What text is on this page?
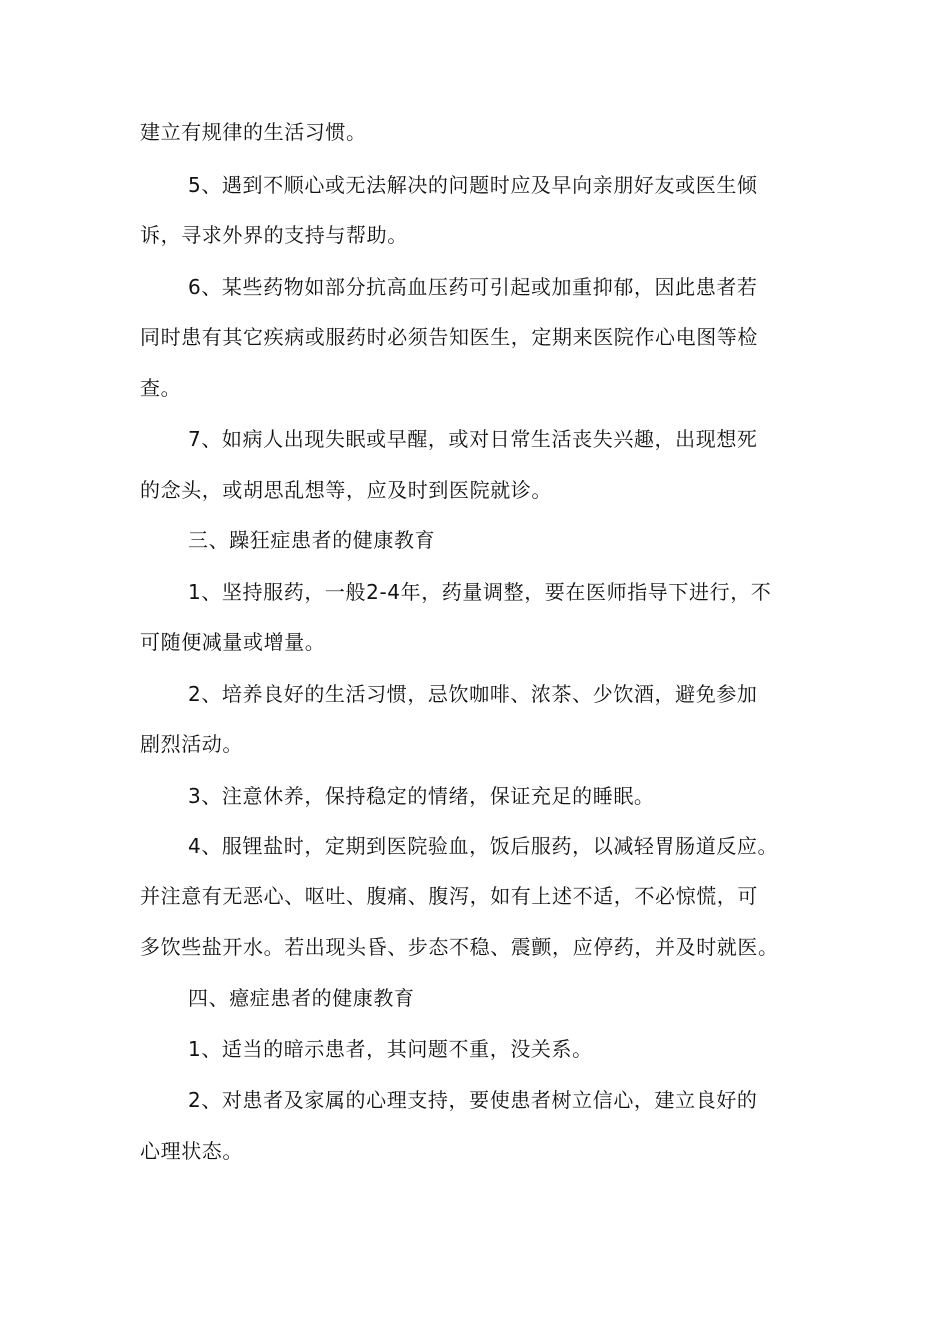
建立有规律的生活习惯。
5、遇到不顺心或无法解决的问题时应及早向亲朋好友或医生倾
诉，寻求外界的支持与帮助。
6、某些药物如部分抗高血压药可引起或加重抑郁，因此患者若
同时患有其它疾病或服药时必须告知医生，定期来医院作心电图等检
查。
7、如病人出现失眠或早醒，或对日常生活丧失兴趣，出现想死
的念头，或胡思乱想等，应及时到医院就诊。
三、躁狂症患者的健康教育
1、坚持服药，一般2-4年，药量调整，要在医师指导下进行，不
可随便减量或增量。
2、培养良好的生活习惯，忌饮咖啡、浓茶、少饮酒，避免参加
剧烈活动。
3、注意休养，保持稳定的情绪，保证充足的睡眠。
4、服锂盐时，定期到医院验血，饭后服药，以减轻胃肠道反应。
并注意有无恶心、呕吐、腹痛、腹泻，如有上述不适，不必惊慌，可
多饮些盐开水。若出现头昏、步态不稳、震颤，应停药，并及时就医。
四、癔症患者的健康教育
1、适当的暗示患者，其问题不重，没关系。
2、对患者及家属的心理支持，要使患者树立信心，建立良好的
心理状态。
